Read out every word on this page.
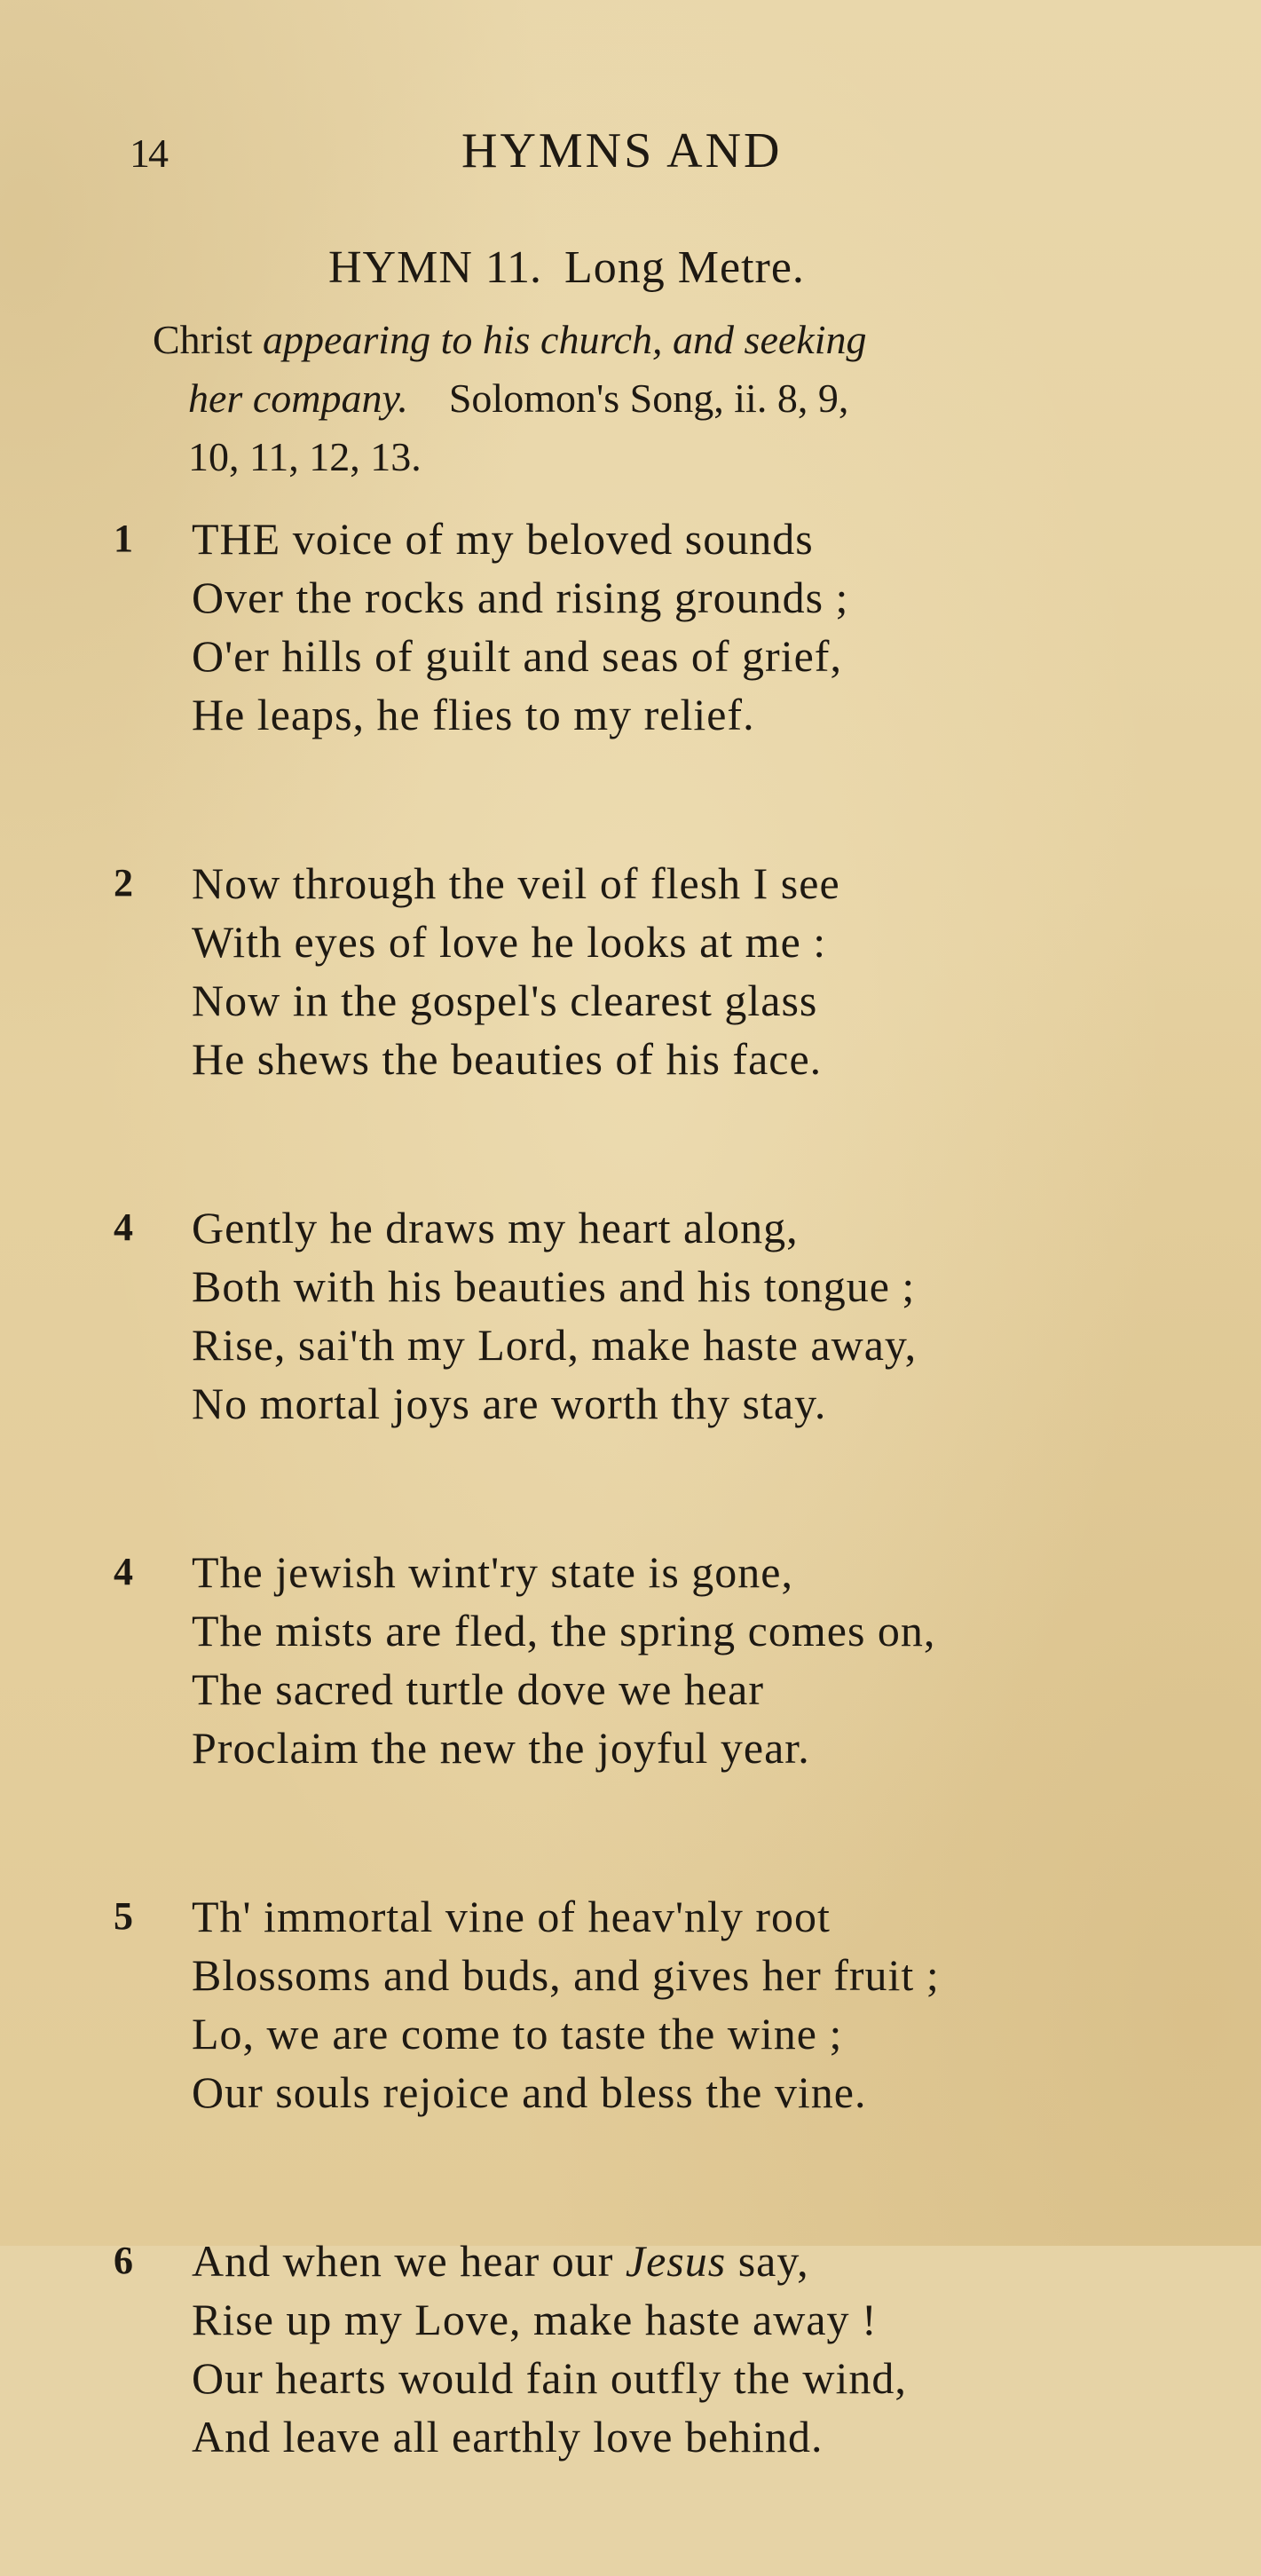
14	HYMNS AND
HYMN 11. Long Metre.
Christ appearing to his church, and seeking
her company. Solomon's Song, ii. 8, 9,
10, 11, 12, 13.
1 THE voice of my beloved sounds
Over the rocks and rising grounds ;
O'er hills of guilt and seas of grief,
He leaps, he flies to my relief.
2 Now through the veil of flesh I see
With eyes of love he looks at me :
Now in the gospel's clearest glass
He shews the beauties of his face.
4 Gently he draws my heart along,
Both with his beauties and his tongue ;
Rise, sai'th my Lord, make haste away,
No mortal joys are worth thy stay.
4 The jewish wint'ry state is gone,
The mists are fled, the spring comes on,
The sacred turtle dove we hear
Proclaim the new the joyful year.
5 Th' immortal vine of heav'nly root
Blossoms and buds, and gives her fruit ;
Lo, we are come to taste the wine ;
Our souls rejoice and bless the vine.
6 And when we hear our Jesus say,
Rise up my Love, make haste away !
Our hearts would fain outfly the wind,
And leave all earthly love behind.
